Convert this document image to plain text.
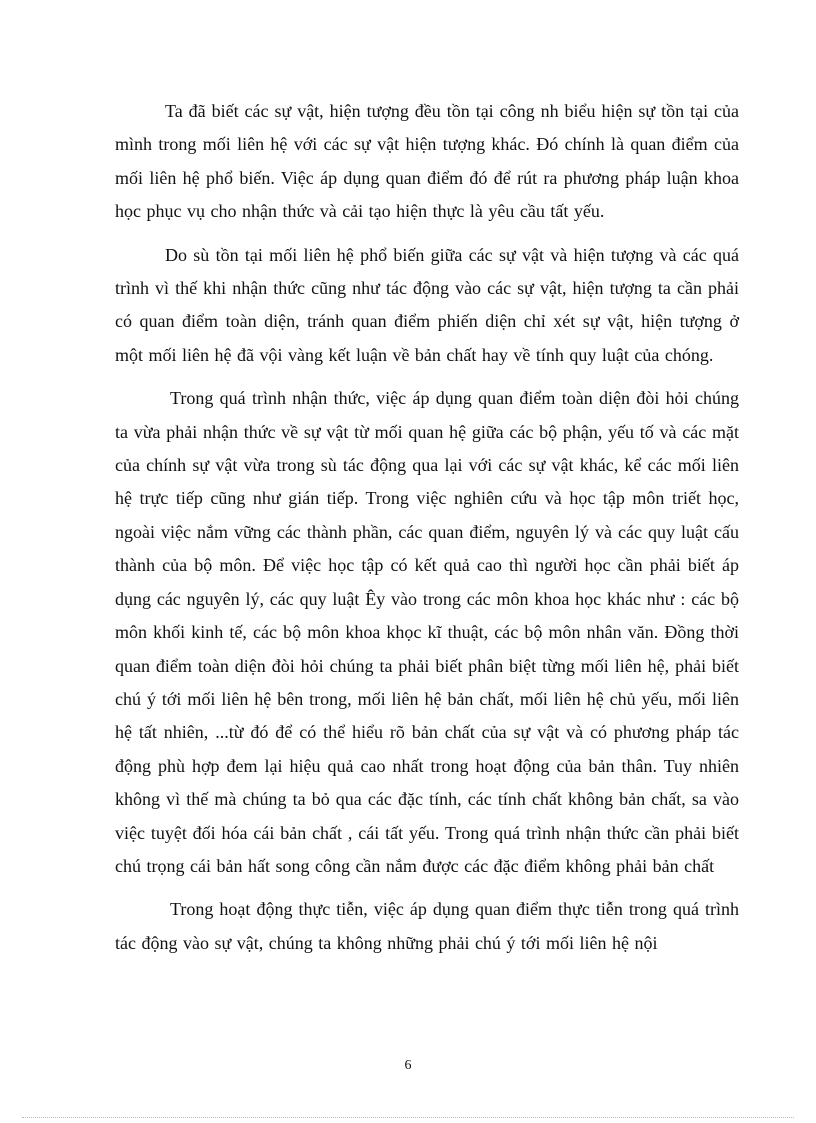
Ta đã biết các sự vật, hiện tượng đều tồn tại công nh biểu hiện sự tồn tại của mình trong mối liên hệ với các sự vật hiện tượng khác. Đó chính là quan điểm của mối liên hệ phổ biến. Việc áp dụng quan điểm đó để rút ra phương pháp luận khoa học phục vụ cho nhận thức và cải tạo hiện thực là yêu cầu tất yếu.

Do sù tồn tại mối liên hệ phổ biến giữa các sự vật và hiện tượng và các quá trình vì thế khi nhận thức cũng như tác động vào các sự vật, hiện tượng ta cần phải có quan điểm toàn diện, tránh quan điểm phiến diện chỉ xét sự vật, hiện tượng ở một mối liên hệ đã vội vàng kết luận về bản chất hay về tính quy luật của chóng.

Trong quá trình nhận thức, việc áp dụng quan điểm toàn diện đòi hỏi chúng ta vừa phải nhận thức về sự vật từ mối quan hệ giữa các bộ phận, yếu tố và các mặt của chính sự vật vừa trong sù tác động qua lại với các sự vật khác, kể các mối liên hệ trực tiếp cũng như gián tiếp. Trong việc nghiên cứu và học tập môn triết học, ngoài việc nắm vững các thành phần, các quan điểm, nguyên lý và các quy luật cấu thành của bộ môn. Để việc học tập có kết quả cao thì người học cần phải biết áp dụng các nguyên lý, các quy luật Êy vào trong các môn khoa học khác như : các bộ môn khối kinh tế, các bộ môn khoa khọc kĩ thuật, các bộ môn nhân văn. Đồng thời quan điểm toàn diện đòi hỏi chúng ta phải biết phân biệt từng mối liên hệ, phải biết chú ý tới mối liên hệ bên trong, mối liên hệ bản chất, mối liên hệ chủ yếu, mối liên hệ tất nhiên, ...từ đó để có thể hiểu rõ bản chất của sự vật và có phương pháp tác động phù hợp đem lại hiệu quả cao nhất trong hoạt động của bản thân. Tuy nhiên không vì thế mà chúng ta bỏ qua các đặc tính, các tính chất không bản chất, sa vào việc tuyệt đối hóa cái bản chất , cái tất yếu. Trong quá trình nhận thức cần phải biết chú trọng cái bản hất song công cần nắm được các đặc điểm không phải bản chất

Trong hoạt động thực tiễn, việc áp dụng quan điểm thực tiễn trong quá trình tác động vào sự vật, chúng ta không những phải chú ý tới mối liên hệ nội

6
